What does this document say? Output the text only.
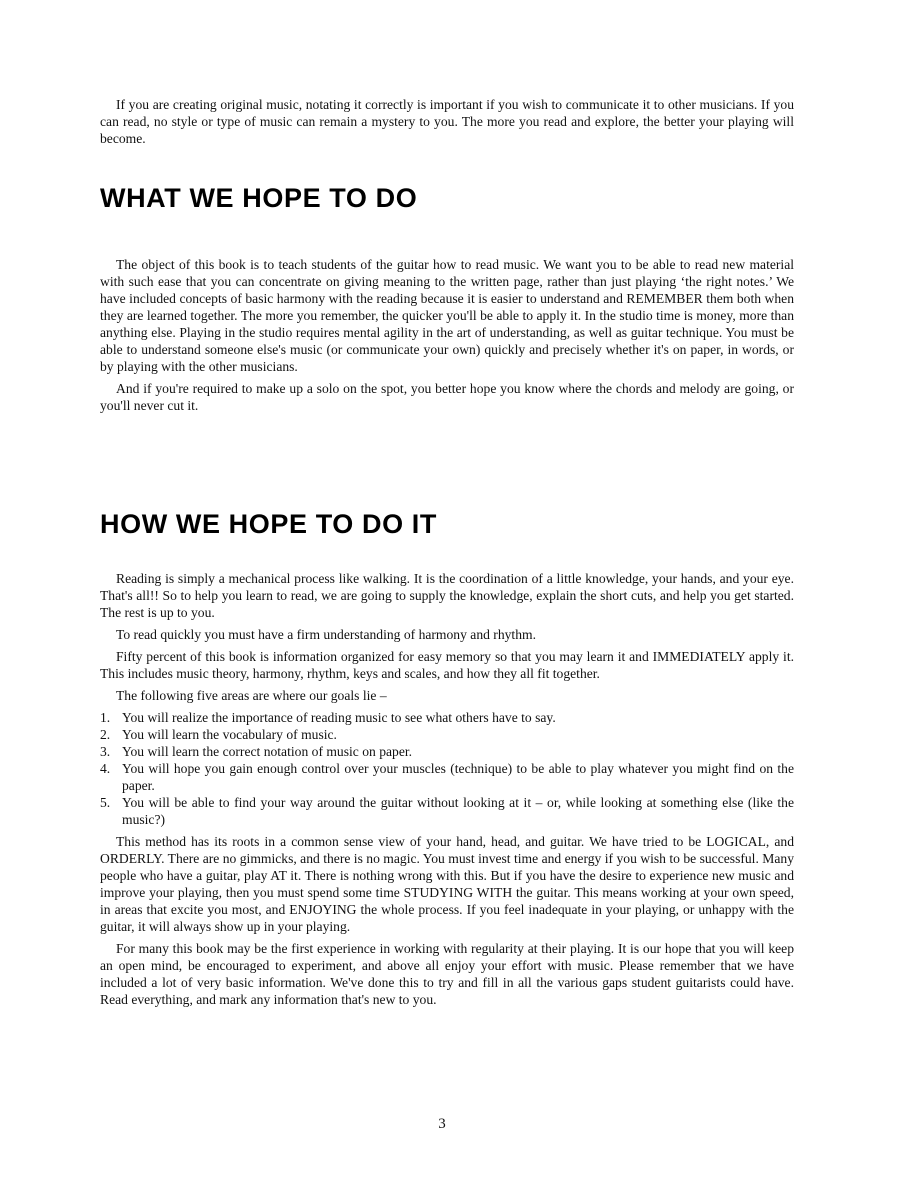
If you are creating original music, notating it correctly is important if you wish to communicate it to other musicians. If you can read, no style or type of music can remain a mystery to you. The more you read and explore, the better your playing will become.

WHAT WE HOPE TO DO

The object of this book is to teach students of the guitar how to read music. We want you to be able to read new material with such ease that you can concentrate on giving meaning to the written page, rather than just playing ‘the right notes.’ We have included concepts of basic harmony with the reading because it is easier to understand and REMEMBER them both when they are learned together. The more you remember, the quicker you'll be able to apply it. In the studio time is money, more than anything else. Playing in the studio requires mental agility in the art of understanding, as well as guitar technique. You must be able to understand someone else's music (or communicate your own) quickly and precisely whether it's on paper, in words, or by playing with the other musicians.

And if you're required to make up a solo on the spot, you better hope you know where the chords and melody are going, or you'll never cut it.

HOW WE HOPE TO DO IT

Reading is simply a mechanical process like walking. It is the coordination of a little knowledge, your hands, and your eye. That's all!! So to help you learn to read, we are going to supply the knowledge, explain the short cuts, and help you get started. The rest is up to you.

To read quickly you must have a firm understanding of harmony and rhythm.

Fifty percent of this book is information organized for easy memory so that you may learn it and IMMEDIATELY apply it. This includes music theory, harmony, rhythm, keys and scales, and how they all fit together.

The following five areas are where our goals lie –

1. You will realize the importance of reading music to see what others have to say.
2. You will learn the vocabulary of music.
3. You will learn the correct notation of music on paper.
4. You will hope you gain enough control over your muscles (technique) to be able to play whatever you might find on the paper.
5. You will be able to find your way around the guitar without looking at it – or, while looking at something else (like the music?)

This method has its roots in a common sense view of your hand, head, and guitar. We have tried to be LOGICAL, and ORDERLY. There are no gimmicks, and there is no magic. You must invest time and energy if you wish to be successful. Many people who have a guitar, play AT it. There is nothing wrong with this. But if you have the desire to experience new music and improve your playing, then you must spend some time STUDYING WITH the guitar. This means working at your own speed, in areas that excite you most, and ENJOYING the whole process. If you feel inadequate in your playing, or unhappy with the guitar, it will always show up in your playing.

For many this book may be the first experience in working with regularity at their playing. It is our hope that you will keep an open mind, be encouraged to experiment, and above all enjoy your effort with music. Please remember that we have included a lot of very basic information. We've done this to try and fill in all the various gaps student guitarists could have. Read everything, and mark any information that's new to you.

3
